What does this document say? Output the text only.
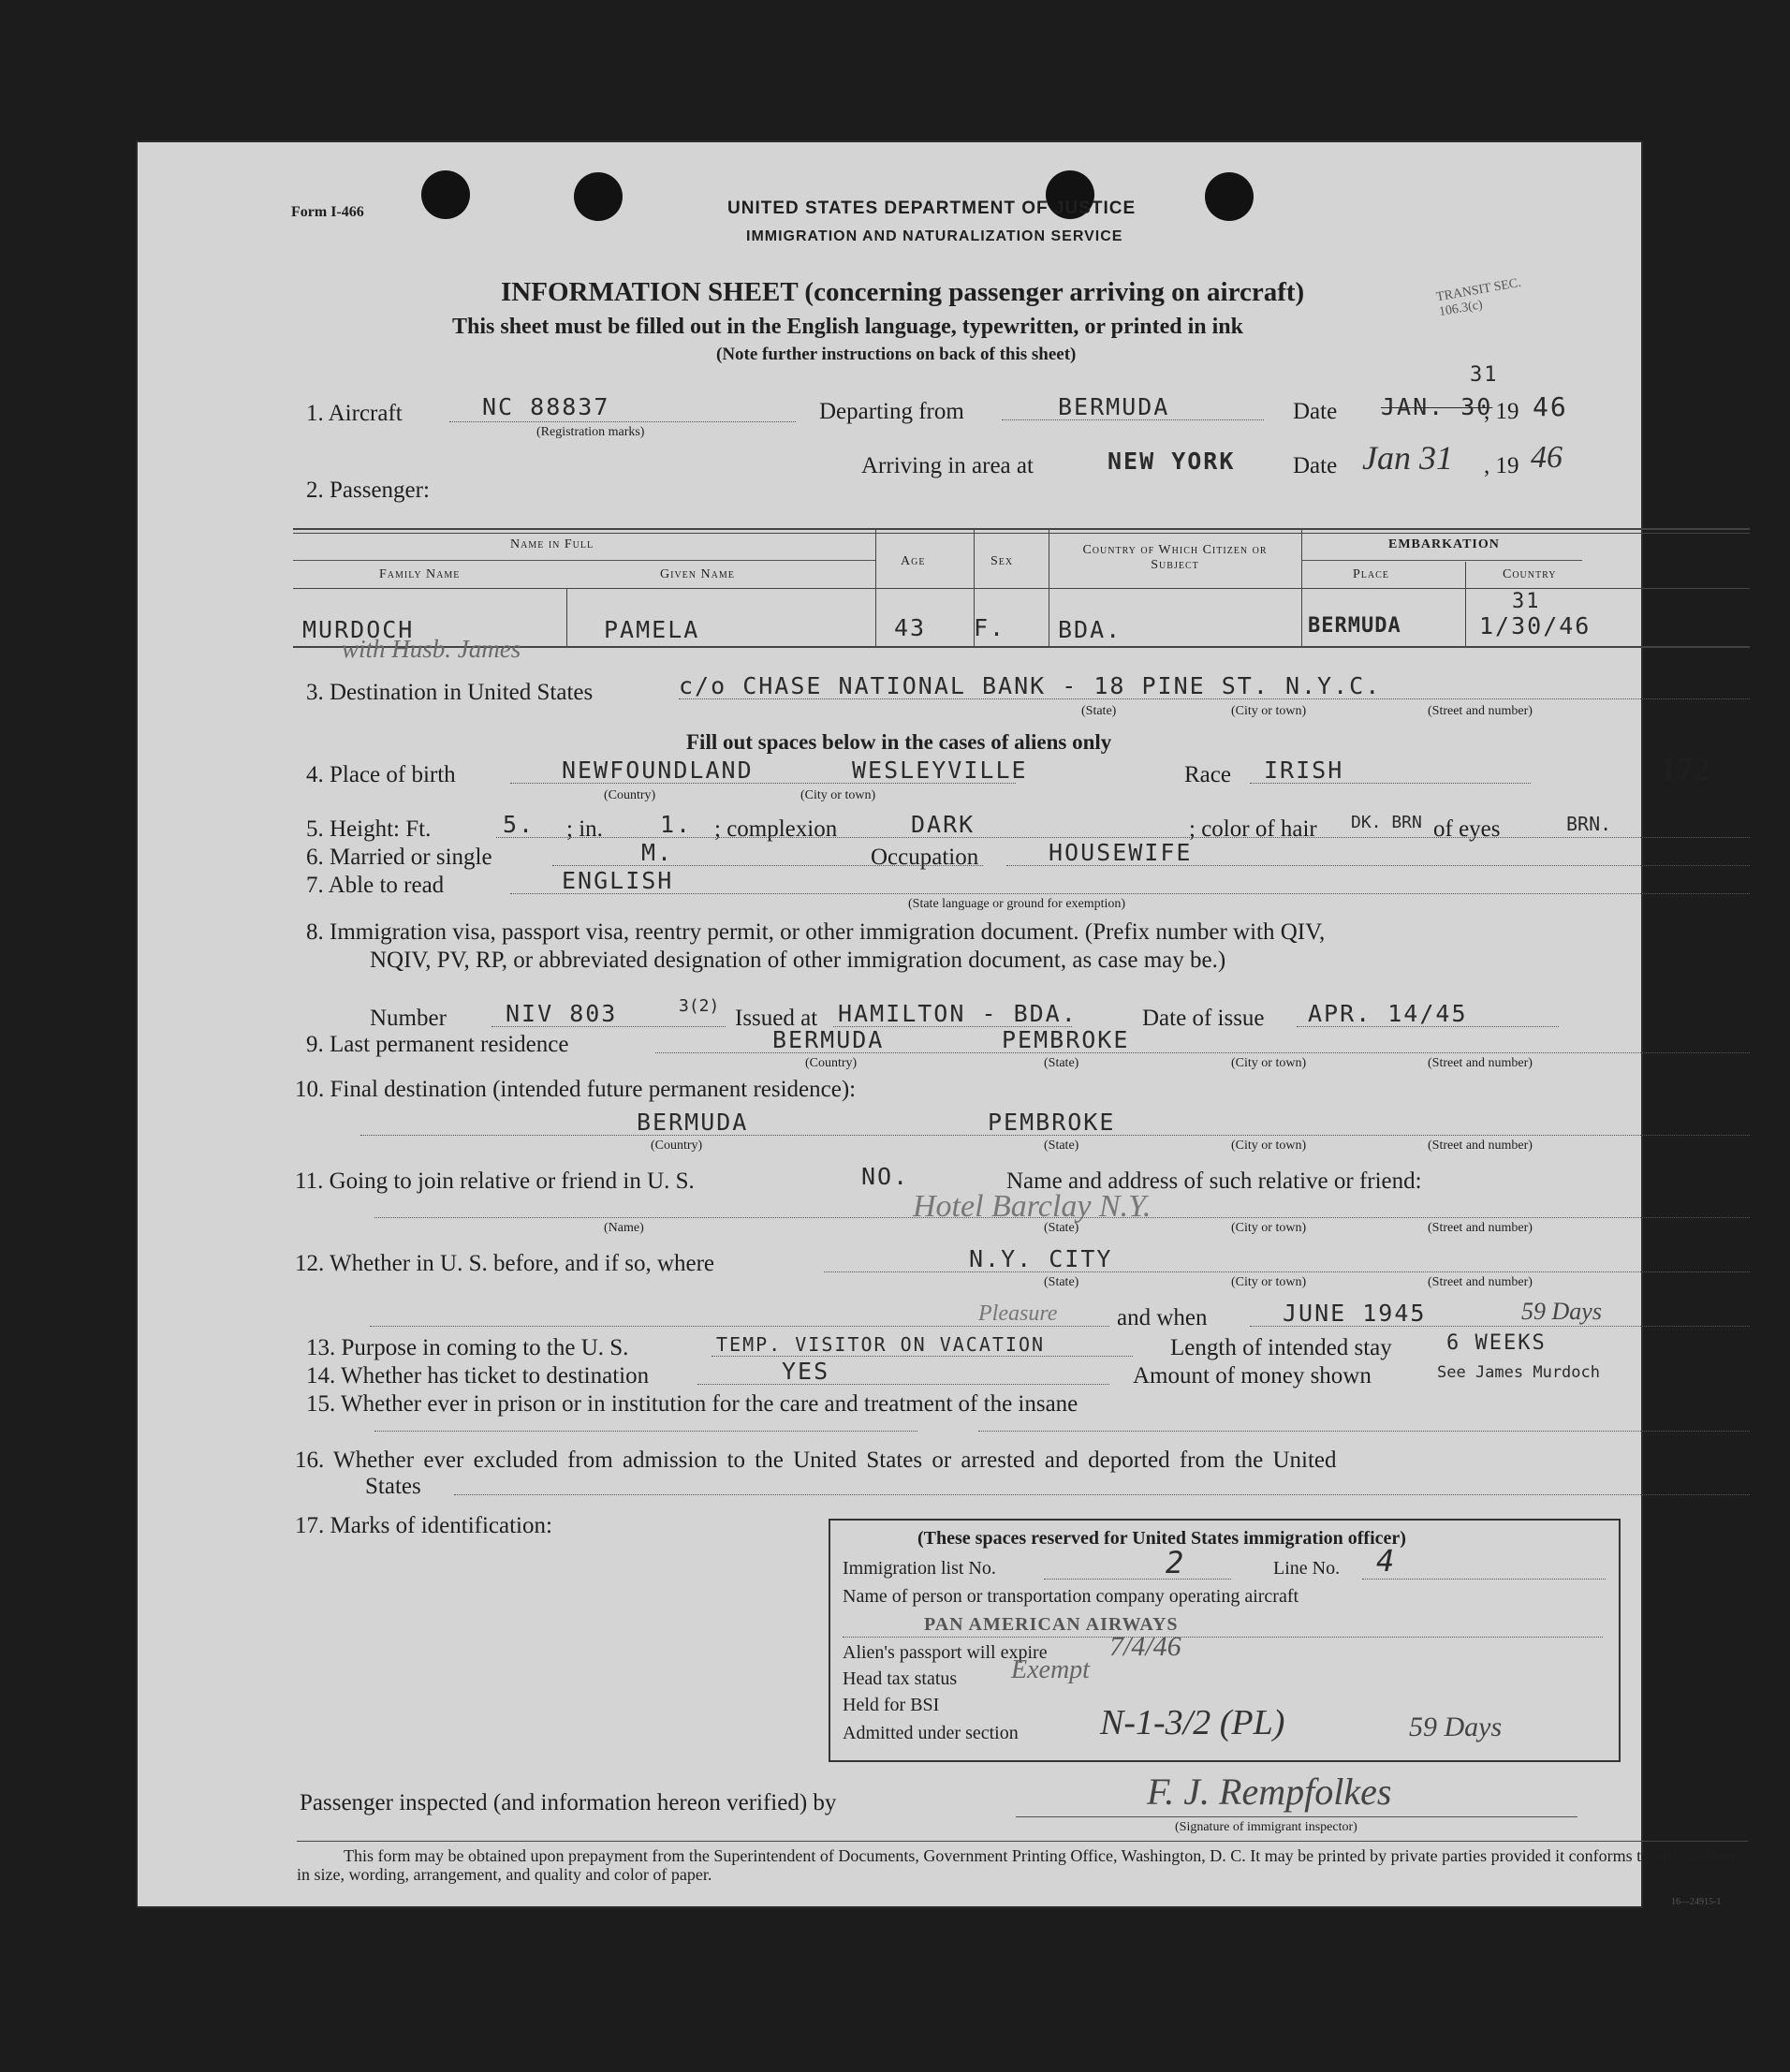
Form I-466	UNITED STATES DEPARTMENT OF JUSTICE
IMMIGRATION AND NATURALIZATION SERVICE
TRANSIT SEC. 106.3(c)
INFORMATION SHEET (concerning passenger arriving on aircraft)
This sheet must be filled out in the English language, typewritten, or printed in ink
(Note further instructions on back of this sheet)
1. Aircraft	NC 88837
(Registration marks)
Departing from	BERMUDA	Date JAN. 30
31
, 19 46
Arriving in area at	NEW YORK Date Jan 31 , 19 46
2. Passenger:
Name in Full
Family Name	Given Name
Age	Sex
Country of Which Citizen or Subject
EMBARKATION
Place	Country
MURDOCH	PAMELA	43 F. BDA.	BERMUDA	1/30/46
31
with Husb. James
3. Destination in United States	c/o CHASE NATIONAL BANK - 18 PINE ST. N.Y.C.
(State)	(City or town)	(Street and number)
Fill out spaces below in the cases of aliens only
4. Place of birth	NEWFOUNDLAND	WESLEYVILLE
(Country)	(City or town)
Race IRISH	172
5. Height: Ft.	5. ; in. 1. ; complexion	DARK	; color of hair DK. BRN of eyes	BRN.
6. Married or single	M.	Occupation	HOUSEWIFE
7. Able to read	ENGLISH
(State language or ground for exemption)
8. Immigration visa, passport visa, reentry permit, or other immigration document. (Prefix number with QIV,
NQIV, PV, RP, or abbreviated designation of other immigration document, as case may be.)
Number	NIV 803	3(2) Issued at HAMILTON - BDA.	Date of issue APR. 14/45
9. Last permanent residence	BERMUDA	PEMBROKE
(Country)	(State)	(City or town)	(Street and number)
10. Final destination (intended future permanent residence):
BERMUDA	PEMBROKE
(Country)	(State)	(City or town)	(Street and number)
11. Going to join relative or friend in U. S.	NO.	Name and address of such relative or friend:
Hotel Barclay N.Y.
(Name)	(State)	(City or town)	(Street and number)
12. Whether in U. S. before, and if so, where	N.Y. CITY
(State)	(City or town)	(Street and number)
Pleasure	and when	JUNE 1945	59 Days
13. Purpose in coming to the U. S.	TEMP. VISITOR ON VACATION	Length of intended stay	6 WEEKS
14. Whether has ticket to destination	YES	Amount of money shown	See James Murdoch
15. Whether ever in prison or in institution for the care and treatment of the insane
16. Whether ever excluded from admission to the United States or arrested and deported from the United
States
17. Marks of identification:	(These spaces reserved for United States immigration officer)
Immigration list No.	2	Line No. 4
Name of person or transportation company operating aircraft
PAN AMERICAN AIRWAYS
Alien's passport will expire 7/4/46
Head tax status Exempt
Held for BSI
Admitted under section N-1-3/2 (PL)	59 Days
Passenger inspected (and information hereon verified) by	F. J. Rempfolkes
(Signature of immigrant inspector)
This form may be obtained upon prepayment from the Superintendent of Documents, Government Printing Office, Washington, D. C. It may be printed by private parties provided it conforms to official form in size, wording, arrangement, and quality and color of paper.
16—24915-1
